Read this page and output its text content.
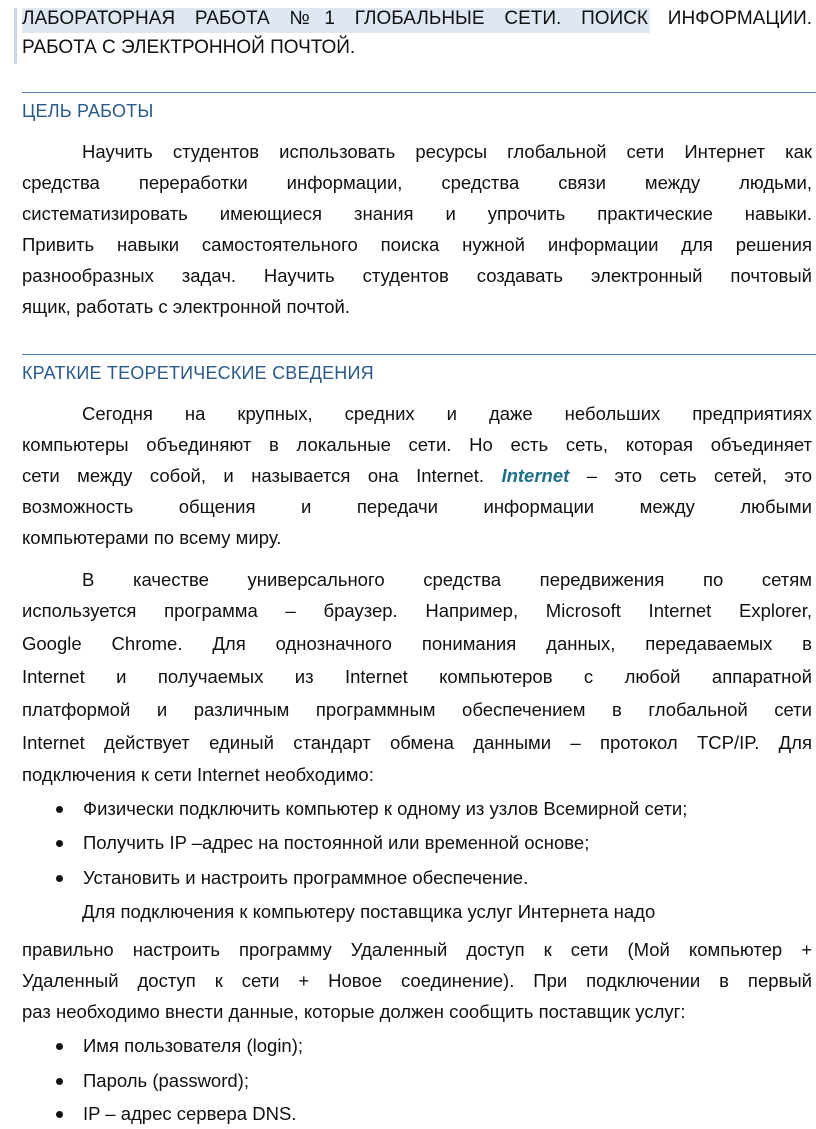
ЛАБОРАТОРНАЯ РАБОТА №1 ГЛОБАЛЬНЫЕ СЕТИ. ПОИСК ИНФОРМАЦИИ.
РАБОТА С ЭЛЕКТРОННОЙ ПОЧТОЙ.
ЦЕЛЬ РАБОТЫ
Научить студентов использовать ресурсы глобальной сети Интернет как
средства переработки информации, средства связи между людьми,
систематизировать имеющиеся знания и упрочить практические навыки.
Привить навыки самостоятельного поиска нужной информации для решения
разнообразных задач. Научить студентов создавать электронный почтовый
ящик, работать с электронной почтой.
КРАТКИЕ ТЕОРЕТИЧЕСКИЕ СВЕДЕНИЯ
Сегодня на крупных, средних и даже небольших предприятиях
компьютеры объединяют в локальные сети. Но есть сеть, которая объединяет
сети между собой, и называется она Internet. Internet – это сеть сетей, это
возможность общения и передачи информации между любыми
компьютерами по всему миру.
В качестве универсального средства передвижения по сетям
используется программа – браузер. Например, Microsoft Internet Explorer,
Google Chrome. Для однозначного понимания данных, передаваемых в
Internet и получаемых из Internet компьютеров с любой аппаратной
платформой и различным программным обеспечением в глобальной сети
Internet действует единый стандарт обмена данными – протокол TCP/IP. Для
подключения к сети Internet необходимо:
Физически подключить компьютер к одному из узлов Всемирной сети;
Получить IP –адрес на постоянной или временной основе;
Установить и настроить программное обеспечение.
Для подключения к компьютеру поставщика услуг Интернета надо
правильно настроить программу Удаленный доступ к сети (Мой компьютер +
Удаленный доступ к сети + Новое соединение). При подключении в первый
раз необходимо внести данные, которые должен сообщить поставщик услуг:
Имя пользователя (login);
Пароль (password);
IP – адрес сервера DNS.
